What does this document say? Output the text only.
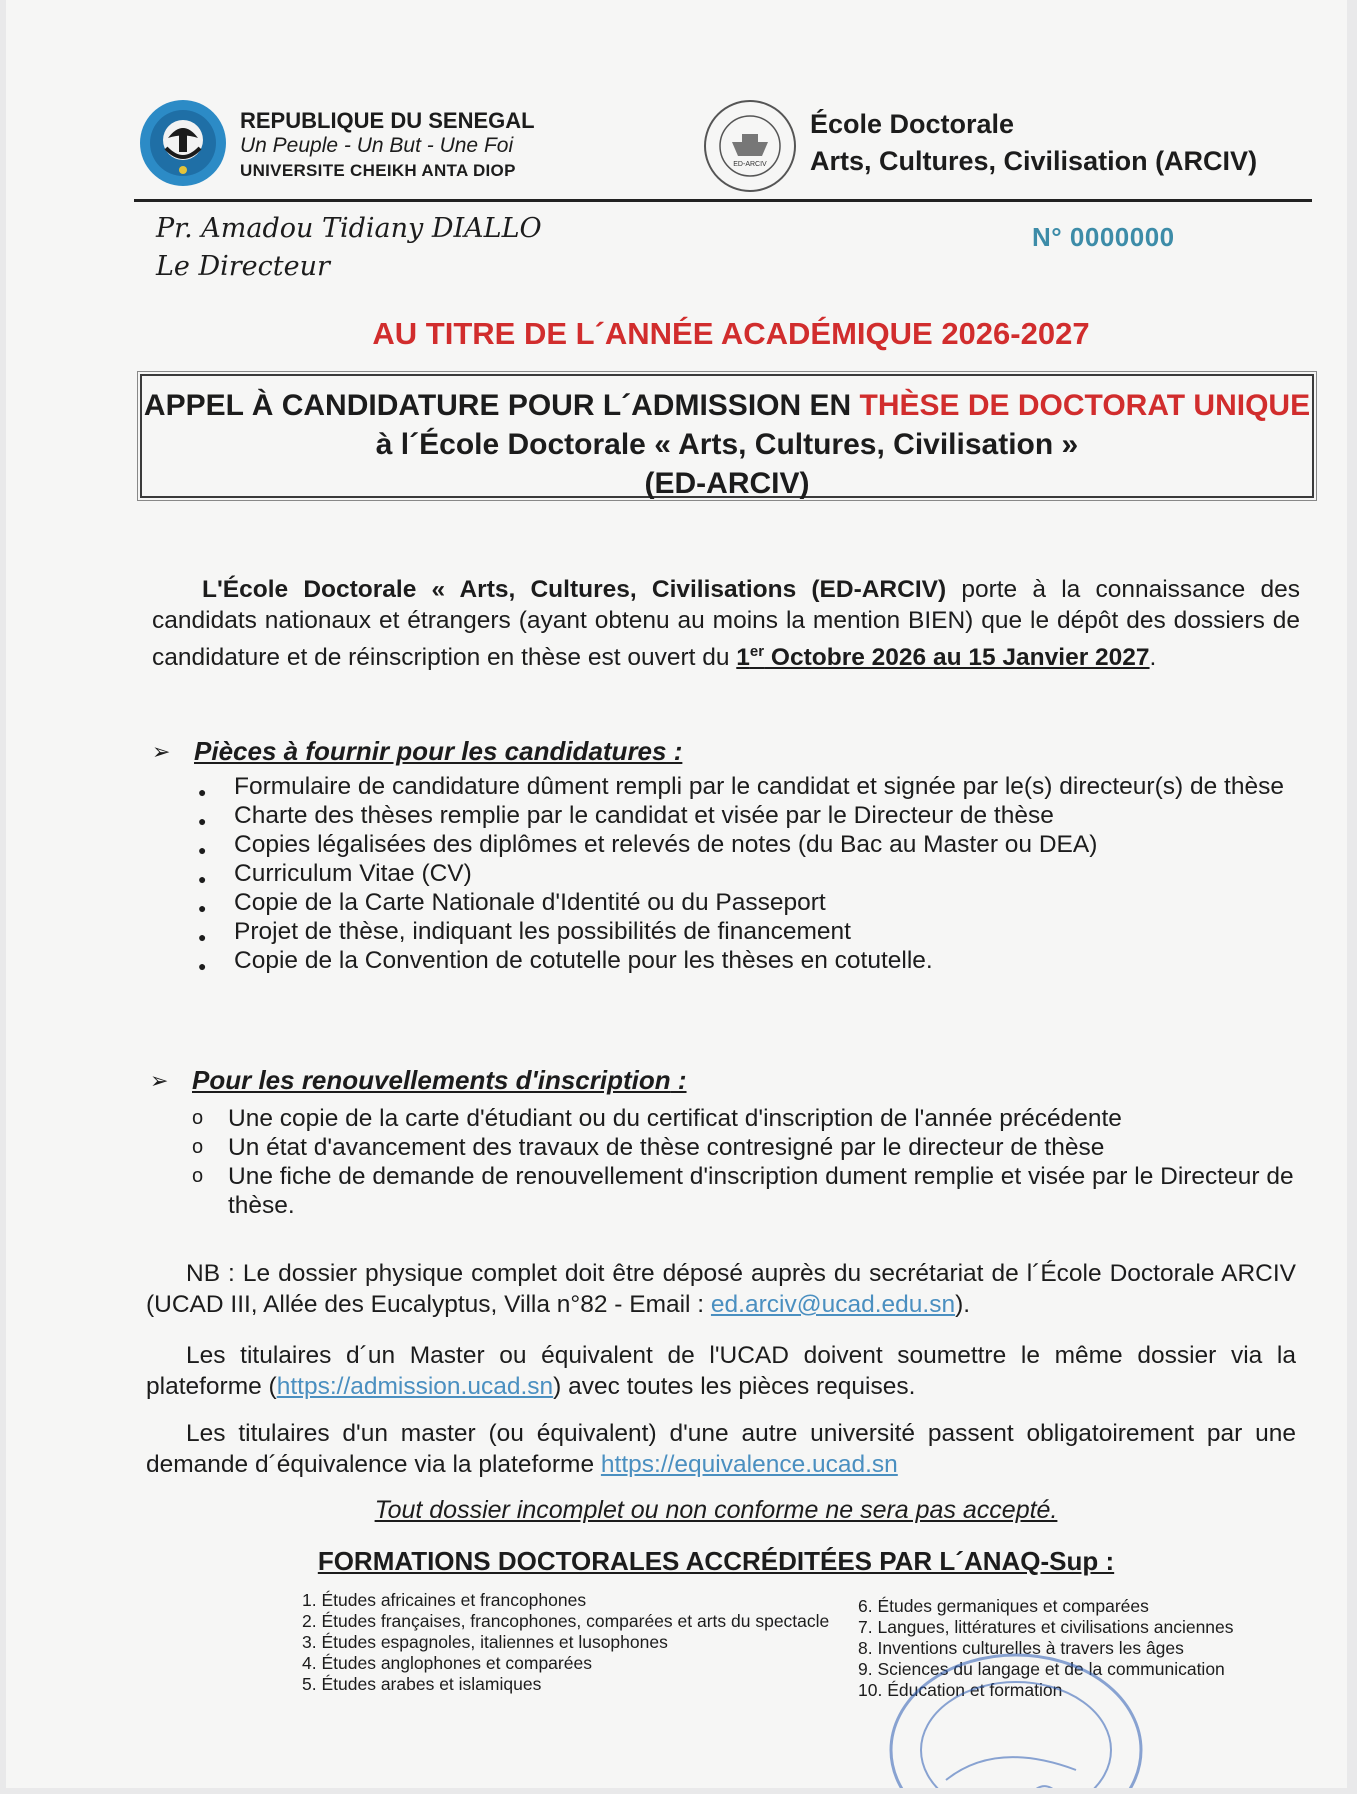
REPUBLIQUE DU SENEGAL
Un Peuple - Un But - Une Foi
UNIVERSITE CHEIKH ANTA DIOP	ED-ARCIV
École Doctorale
Arts, Cultures, Civilisation (ARCIV)
Pr. Amadou Tidiany DIALLO
Le Directeur
N° 0000000
AU TITRE DE L´ANNÉE ACADÉMIQUE 2026-2027
APPEL À CANDIDATURE POUR L´ADMISSION EN THÈSE DE DOCTORAT UNIQUE à l´École Doctorale « Arts, Cultures, Civilisation »
(ED-ARCIV)
L'École Doctorale « Arts, Cultures, Civilisations (ED-ARCIV) porte à la connaissance des candidats nationaux et étrangers (ayant obtenu au moins la mention BIEN) que le dépôt des dossiers de candidature et de réinscription en thèse est ouvert du 1er Octobre 2026 au 15 Janvier 2027.
➢ Pièces à fournir pour les candidatures :
● Formulaire de candidature dûment rempli par le candidat et signée par le(s) directeur(s) de thèse
● Charte des thèses remplie par le candidat et visée par le Directeur de thèse
● Copies légalisées des diplômes et relevés de notes (du Bac au Master ou DEA)
● Curriculum Vitae (CV)
● Copie de la Carte Nationale d'Identité ou du Passeport
● Projet de thèse, indiquant les possibilités de financement
● Copie de la Convention de cotutelle pour les thèses en cotutelle.
➢ Pour les renouvellements d'inscription :
o Une copie de la carte d'étudiant ou du certificat d'inscription de l'année précédente
o Un état d'avancement des travaux de thèse contresigné par le directeur de thèse
o Une fiche de demande de renouvellement d'inscription dument remplie et visée par le Directeur de thèse.
NB : Le dossier physique complet doit être déposé auprès du secrétariat de l´École Doctorale ARCIV (UCAD III, Allée des Eucalyptus, Villa n°82 - Email : ed.arciv@ucad.edu.sn).
Les titulaires d´un Master ou équivalent de l'UCAD doivent soumettre le même dossier via la plateforme (https://admission.ucad.sn) avec toutes les pièces requises.
Les titulaires d'un master (ou équivalent) d'une autre université passent obligatoirement par une demande d´équivalence via la plateforme https://equivalence.ucad.sn
Tout dossier incomplet ou non conforme ne sera pas accepté.
FORMATIONS DOCTORALES ACCRÉDITÉES PAR L´ANAQ-Sup :
1. Études africaines et francophones
2. Études françaises, francophones, comparées et arts du spectacle
3. Études espagnoles, italiennes et lusophones
4. Études anglophones et comparées
5. Études arabes et islamiques
6. Études germaniques et comparées
7. Langues, littératures et civilisations anciennes
8. Inventions culturelles à travers les âges
9. Sciences du langage et de la communication
10. Éducation et formation
